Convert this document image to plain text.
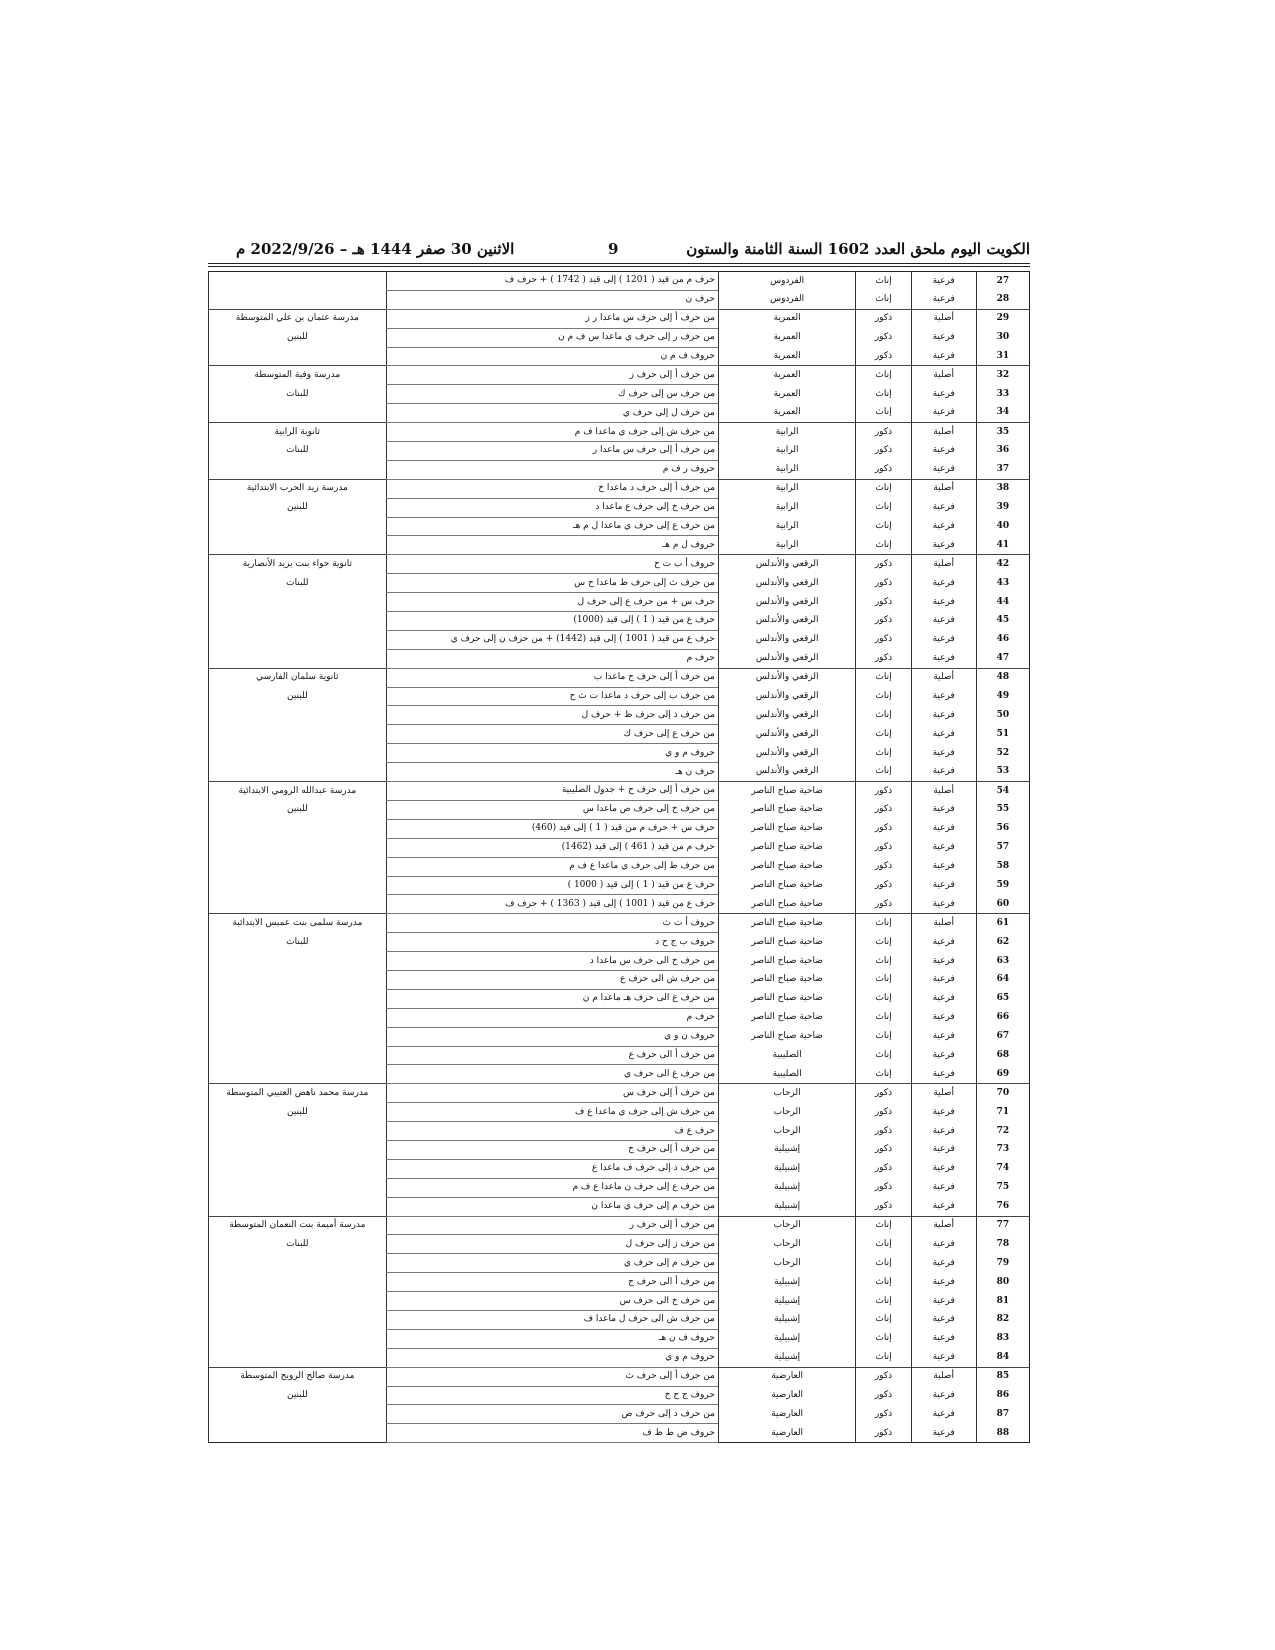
الكويت اليوم ملحق العدد 1602 السنة الثامنة والستون
9
الاثنين 30 صفر 1444 هـ – 2022/9/26 م
27	فرعية	إناث	الفردوس	حرف م من قيد ( 1201 ) إلى قيد ( 1742 ) + حرف ف	
28	فرعية	إناث	الفردوس	حرف ن	
29	أصلية	ذكور	العمرية	من حرف أ إلى حرف س ماعدا ر ز	مدرسة عثمان بن علي المتوسطة
30	فرعية	ذكور	العمرية	من حرف ر إلى حرف ي ماعدا س ف م ن	للبنين
31	فرعية	ذكور	العمرية	حروف ف م ن	
32	أصلية	إناث	العمرية	من حرف أ إلى حرف ز	مدرسة وفية المتوسطة
33	فرعية	إناث	العمرية	من حرف س إلى حرف ك	للبنات
34	فرعية	إناث	العمرية	من حرف ل إلى حرف ي	
35	أصلية	ذكور	الرابية	من حرف ش إلى حرف ي ماعدا ف م	ثانوية الرابية
36	فرعية	ذكور	الرابية	من حرف أ إلى حرف س ماعدا ر	للبنات
37	فرعية	ذكور	الرابية	حروف ر ف م	
38	أصلية	إناث	الرابية	من حرف أ إلى حرف د ماعدا خ	مدرسة زيد الحرب الابتدائية
39	فرعية	إناث	الرابية	من حرف خ إلى حرف ع ماعدا د	للبنين
40	فرعية	إناث	الرابية	من حرف ع إلى حرف ي ماعدا ل م هـ	
41	فرعية	إناث	الرابية	حروف ل م هـ	
42	أصلية	ذكور	الرقعي والأندلس	حروف أ ب ت ح	ثانوية حواء بنت يزيد الأنصارية
43	فرعية	ذكور	الرقعي والأندلس	من حرف ث إلى حرف ظ ماعدا ح س	للبنات
44	فرعية	ذكور	الرقعي والأندلس	حرف س + من حرف ع إلى حرف ل	
45	فرعية	ذكور	الرقعي والأندلس	حرف ع من قيد ( 1 ) إلى قيد (1000)	
46	فرعية	ذكور	الرقعي والأندلس	حرف ع من قيد ( 1001 ) إلى قيد (1442) + من حرف ن إلى حرف ي	
47	فرعية	ذكور	الرقعي والأندلس	حرف م	
48	أصلية	إناث	الرقعي والأندلس	من حرف أ إلى حرف ح ماعدا ب	ثانوية سلمان الفارسي
49	فرعية	إناث	الرقعي والأندلس	من حرف ب إلى حرف د ماعدا ت ث ح	للبنين
50	فرعية	إناث	الرقعي والأندلس	من حرف ذ إلى حرف ظ + حرف ل	
51	فرعية	إناث	الرقعي والأندلس	من حرف ع إلى حرف ك	
52	فرعية	إناث	الرقعي والأندلس	حروف م و ي	
53	فرعية	إناث	الرقعي والأندلس	حرف ن هـ	
54	أصلية	ذكور	ضاحية صباح الناصر	من حرف أ إلى حرف ح + جدول الصليبية	مدرسة عبدالله الرومي الابتدائية
55	فرعية	ذكور	ضاحية صباح الناصر	من حرف خ إلى حرف ص ماعدا س	للبنين
56	فرعية	ذكور	ضاحية صباح الناصر	حرف س + حرف م من قيد ( 1 ) إلى قيد (460)	
57	فرعية	ذكور	ضاحية صباح الناصر	حرف م من قيد ( 461 ) إلى قيد (1462)	
58	فرعية	ذكور	ضاحية صباح الناصر	من حرف ط إلى حرف ي ماعدا ع ف م	
59	فرعية	ذكور	ضاحية صباح الناصر	حرف ع من قيد ( 1 ) إلى قيد ( 1000 )	
60	فرعية	ذكور	ضاحية صباح الناصر	حرف ع من قيد ( 1001 ) إلى قيد ( 1363 ) + حرف ف	
61	أصلية	إناث	ضاحية صباح الناصر	حروف أ ت ث	مدرسة سلمى بنت عميس الابتدائية
62	فرعية	إناث	ضاحية صباح الناصر	حروف ب ج ح د	للبنات
63	فرعية	إناث	ضاحية صباح الناصر	من حرف خ الى حرف س ماعدا د	
64	فرعية	إناث	ضاحية صباح الناصر	من حرف ش الى حرف ع	
65	فرعية	إناث	ضاحية صباح الناصر	من حرف غ الى حرف هـ ماعدا م ن	
66	فرعية	إناث	ضاحية صباح الناصر	حرف م	
67	فرعية	إناث	ضاحية صباح الناصر	حروف ن و ي	
68	فرعية	إناث	الصليبية	من حرف أ الى حرف ع	
69	فرعية	إناث	الصليبية	من حرف غ الى حرف ي	
70	أصلية	ذكور	الرحاب	من حرف أ إلى حرف س	مدرسة محمد ناهض العتيبي المتوسطة
71	فرعية	ذكور	الرحاب	من حرف ش إلى حرف ي ماعدا ع ف	للبنين
72	فرعية	ذكور	الرحاب	حرف ع ف	
73	فرعية	ذكور	إشبيلية	من حرف أ إلى حرف خ	
74	فرعية	ذكور	إشبيلية	من حرف د إلى حرف ف ماعدا ع	
75	فرعية	ذكور	إشبيلية	من حرف ع إلى حرف ن ماعدا ع ف م	
76	فرعية	ذكور	إشبيلية	من حرف م إلى حرف ي ماعدا ن	
77	أصلية	إناث	الرحاب	من حرف أ إلى حرف ر	مدرسة أميمة بنت النعمان المتوسطة
78	فرعية	إناث	الرحاب	من حرف ز إلى حرف ل	للبنات
79	فرعية	إناث	الرحاب	من حرف م إلى حرف ي	
80	فرعية	إناث	إشبيلية	من حرف أ الى حرف ح	
81	فرعية	إناث	إشبيلية	من حرف خ الى حرف س	
82	فرعية	إناث	إشبيلية	من حرف ش الى حرف ل ماعدا ف	
83	فرعية	إناث	إشبيلية	حروف ف ن هـ	
84	فرعية	إناث	إشبيلية	حروف م و ي	
85	أصلية	ذكور	العارضية	من حرف أ إلى حرف ث	مدرسة صالح الرويح المتوسطة
86	فرعية	ذكور	العارضية	حروف ج ح خ	للبنين
87	فرعية	ذكور	العارضية	من حرف د إلى حرف ص	
88	فرعية	ذكور	العارضية	حروف ض ط ظ ف	
